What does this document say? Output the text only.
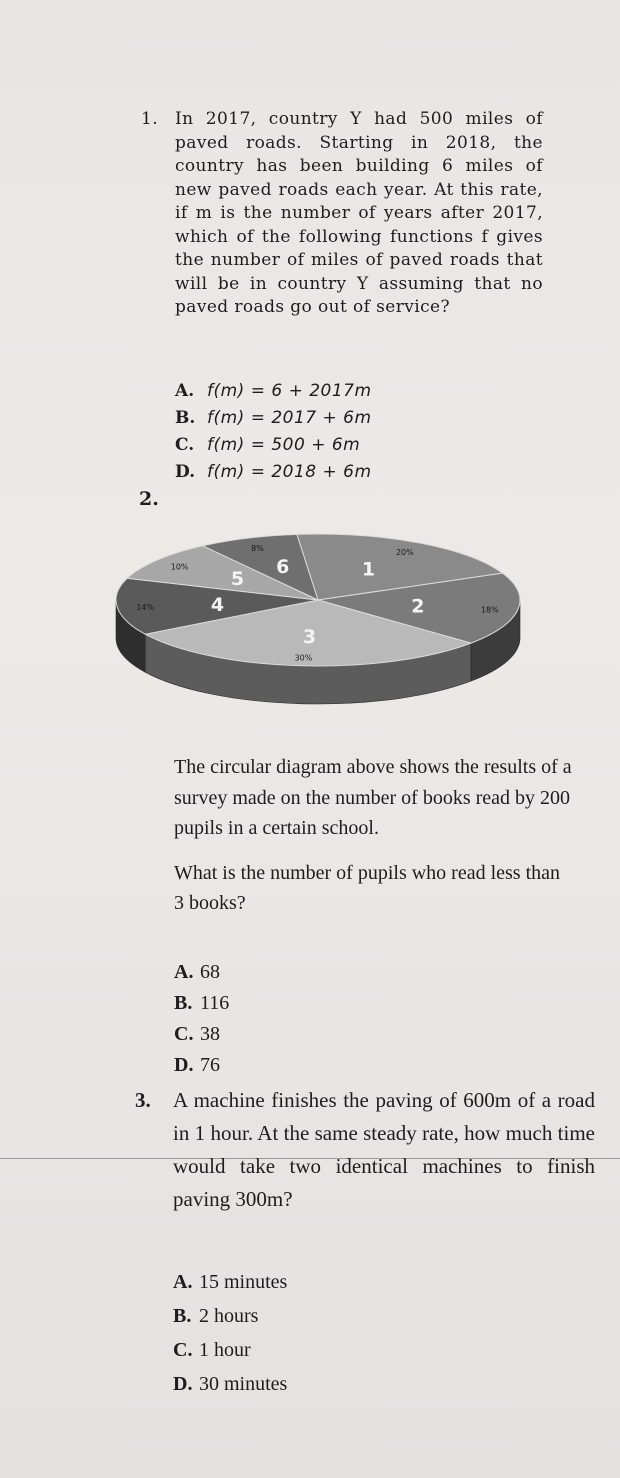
1. In 2017, country Y had 500 miles of paved roads. Starting in 2018, the country has been building 6 miles of new paved roads each year. At this rate, if m is the number of years after 2017, which of the following functions f gives the number of miles of paved roads that will be in country Y assuming that no paved roads go out of service?
A. f(m) = 6 + 2017m
B. f(m) = 2017 + 6m
C. f(m) = 500 + 6m
D. f(m) = 2018 + 6m
2.
1
20%
2	18%
3
30%
4
14%
5
10%	6
8%

The circular diagram above shows the results of a survey made on the number of books read by 200 pupils in a certain school.

What is the number of pupils who read less than 3 books?

A. 68
B. 116
C. 38
D. 76
3. A machine finishes the paving of 600m of a road in 1 hour. At the same steady rate, how much time would take two identical machines to finish paving 300m?
A. 15 minutes
B. 2 hours
C. 1 hour
D. 30 minutes
